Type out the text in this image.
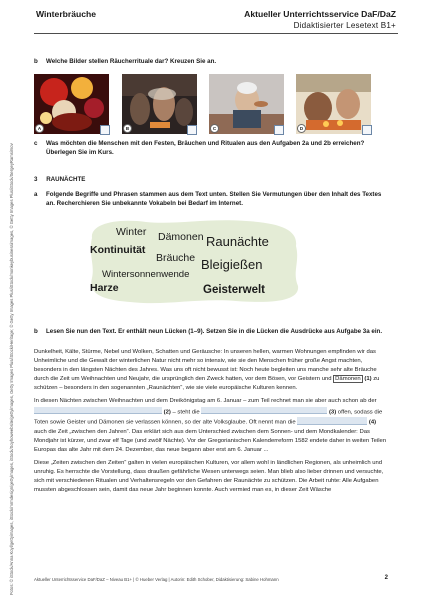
Winterbräuche	Aktueller Unterrichtsservice DaF/DaZ
Didaktisierter Lesetext B1+
Fotos: © iStock/Anna Koyl/gettyimages, iStock/mrmdesign/gettyimages, iStock/Soyhoweebsite/gettyimages, Getty Images Plus/iStock/Heritage; © Getty Images Plus/iStock/monkeybusinessimages, © Getty Images Plus/iStock/SergeyRamsimov
b Welche Bilder stellen Räucherrituale dar? Kreuzen Sie an.
A	B	C	D
c Was möchten die Menschen mit den Festen, Bräuchen und Ritualen aus den Aufgaben 2a und 2b erreichen? Überlegen Sie im Kurs.
3 RAUNÄCHTE
a Folgende Begriffe und Phrasen stammen aus dem Text unten. Stellen Sie Vermutungen über den Inhalt des Textes an. Recherchieren Sie unbekannte Vokabeln bei Bedarf im Internet.
Winter Dämonen Raunächte
Kontinuität
Bräuche Bleigießen
Wintersonnenwende
Harze	Geisterwelt
b Lesen Sie nun den Text. Er enthält neun Lücken (1–9). Setzen Sie in die Lücken die Ausdrücke aus Aufgabe 3a ein.

Dunkelheit, Kälte, Stürme, Nebel und Wolken, Schatten und Geräusche: In unseren hellen, warmen Wohnungen empfinden wir das Unheimliche und die Gewalt der winterlichen Natur nicht mehr so intensiv, wie sie den Menschen früher große Angst machten, besonders in den längsten Nächten des Jahres. Was uns oft nicht bewusst ist: Noch heute begleiten uns manche sehr alte Bräuche durch die Zeit um Weihnachten und Neujahr, die ursprünglich den Zweck hatten, vor dem Bösen, vor Geistern und Dämonen (1) zu schützen – besonders in den sogenannten „Raunächten“, wie sie viele europäische Kulturen kennen.

In diesen Nächten zwischen Weihnachten und dem Dreikönigstag am 6. Januar – zum Teil rechnet man sie aber auch schon ab der  (2) – steht die	(3) offen, sodass die Toten sowie Geister und Dämonen sie verlassen können, so der alte Volksglaube. Oft nennt man die	(4) auch die Zeit „zwischen den Jahren“. Das erklärt sich aus dem Unterschied zwischen dem Sonnen- und dem Mondkalender: Das Mondjahr ist kürzer, und zwar elf Tage (und zwölf Nächte). Vor der Gregorianischen Kalenderreform 1582 endete daher in weiten Teilen Europas das alte Jahr mit dem 24. Dezember, das neue begann aber erst am 6. Januar ...

Diese „Zeiten zwischen den Zeiten“ galten in vielen europäischen Kulturen, vor allem wohl in ländlichen Regionen, als unheimlich und unruhig. Es herrschte die Vorstellung, dass draußen gefährliche Wesen unterwegs seien. Man blieb also lieber drinnen und versuchte, sich mit verschiedenen Ritualen und Verhaltensregeln vor den Gefahren der Raunächte zu schützen. Die Arbeit ruhte: Alle Aufgaben mussten abgeschlossen sein, damit das neue Jahr beginnen konnte. Auch vermied man es, in dieser Zeit Wäsche

Aktueller Unterrichtsservice DaF/DaZ – Niveau B1+ | © Hueber Verlag | Autorin: Edith Schober, Didaktisierung: Sabine Hohmann	2
